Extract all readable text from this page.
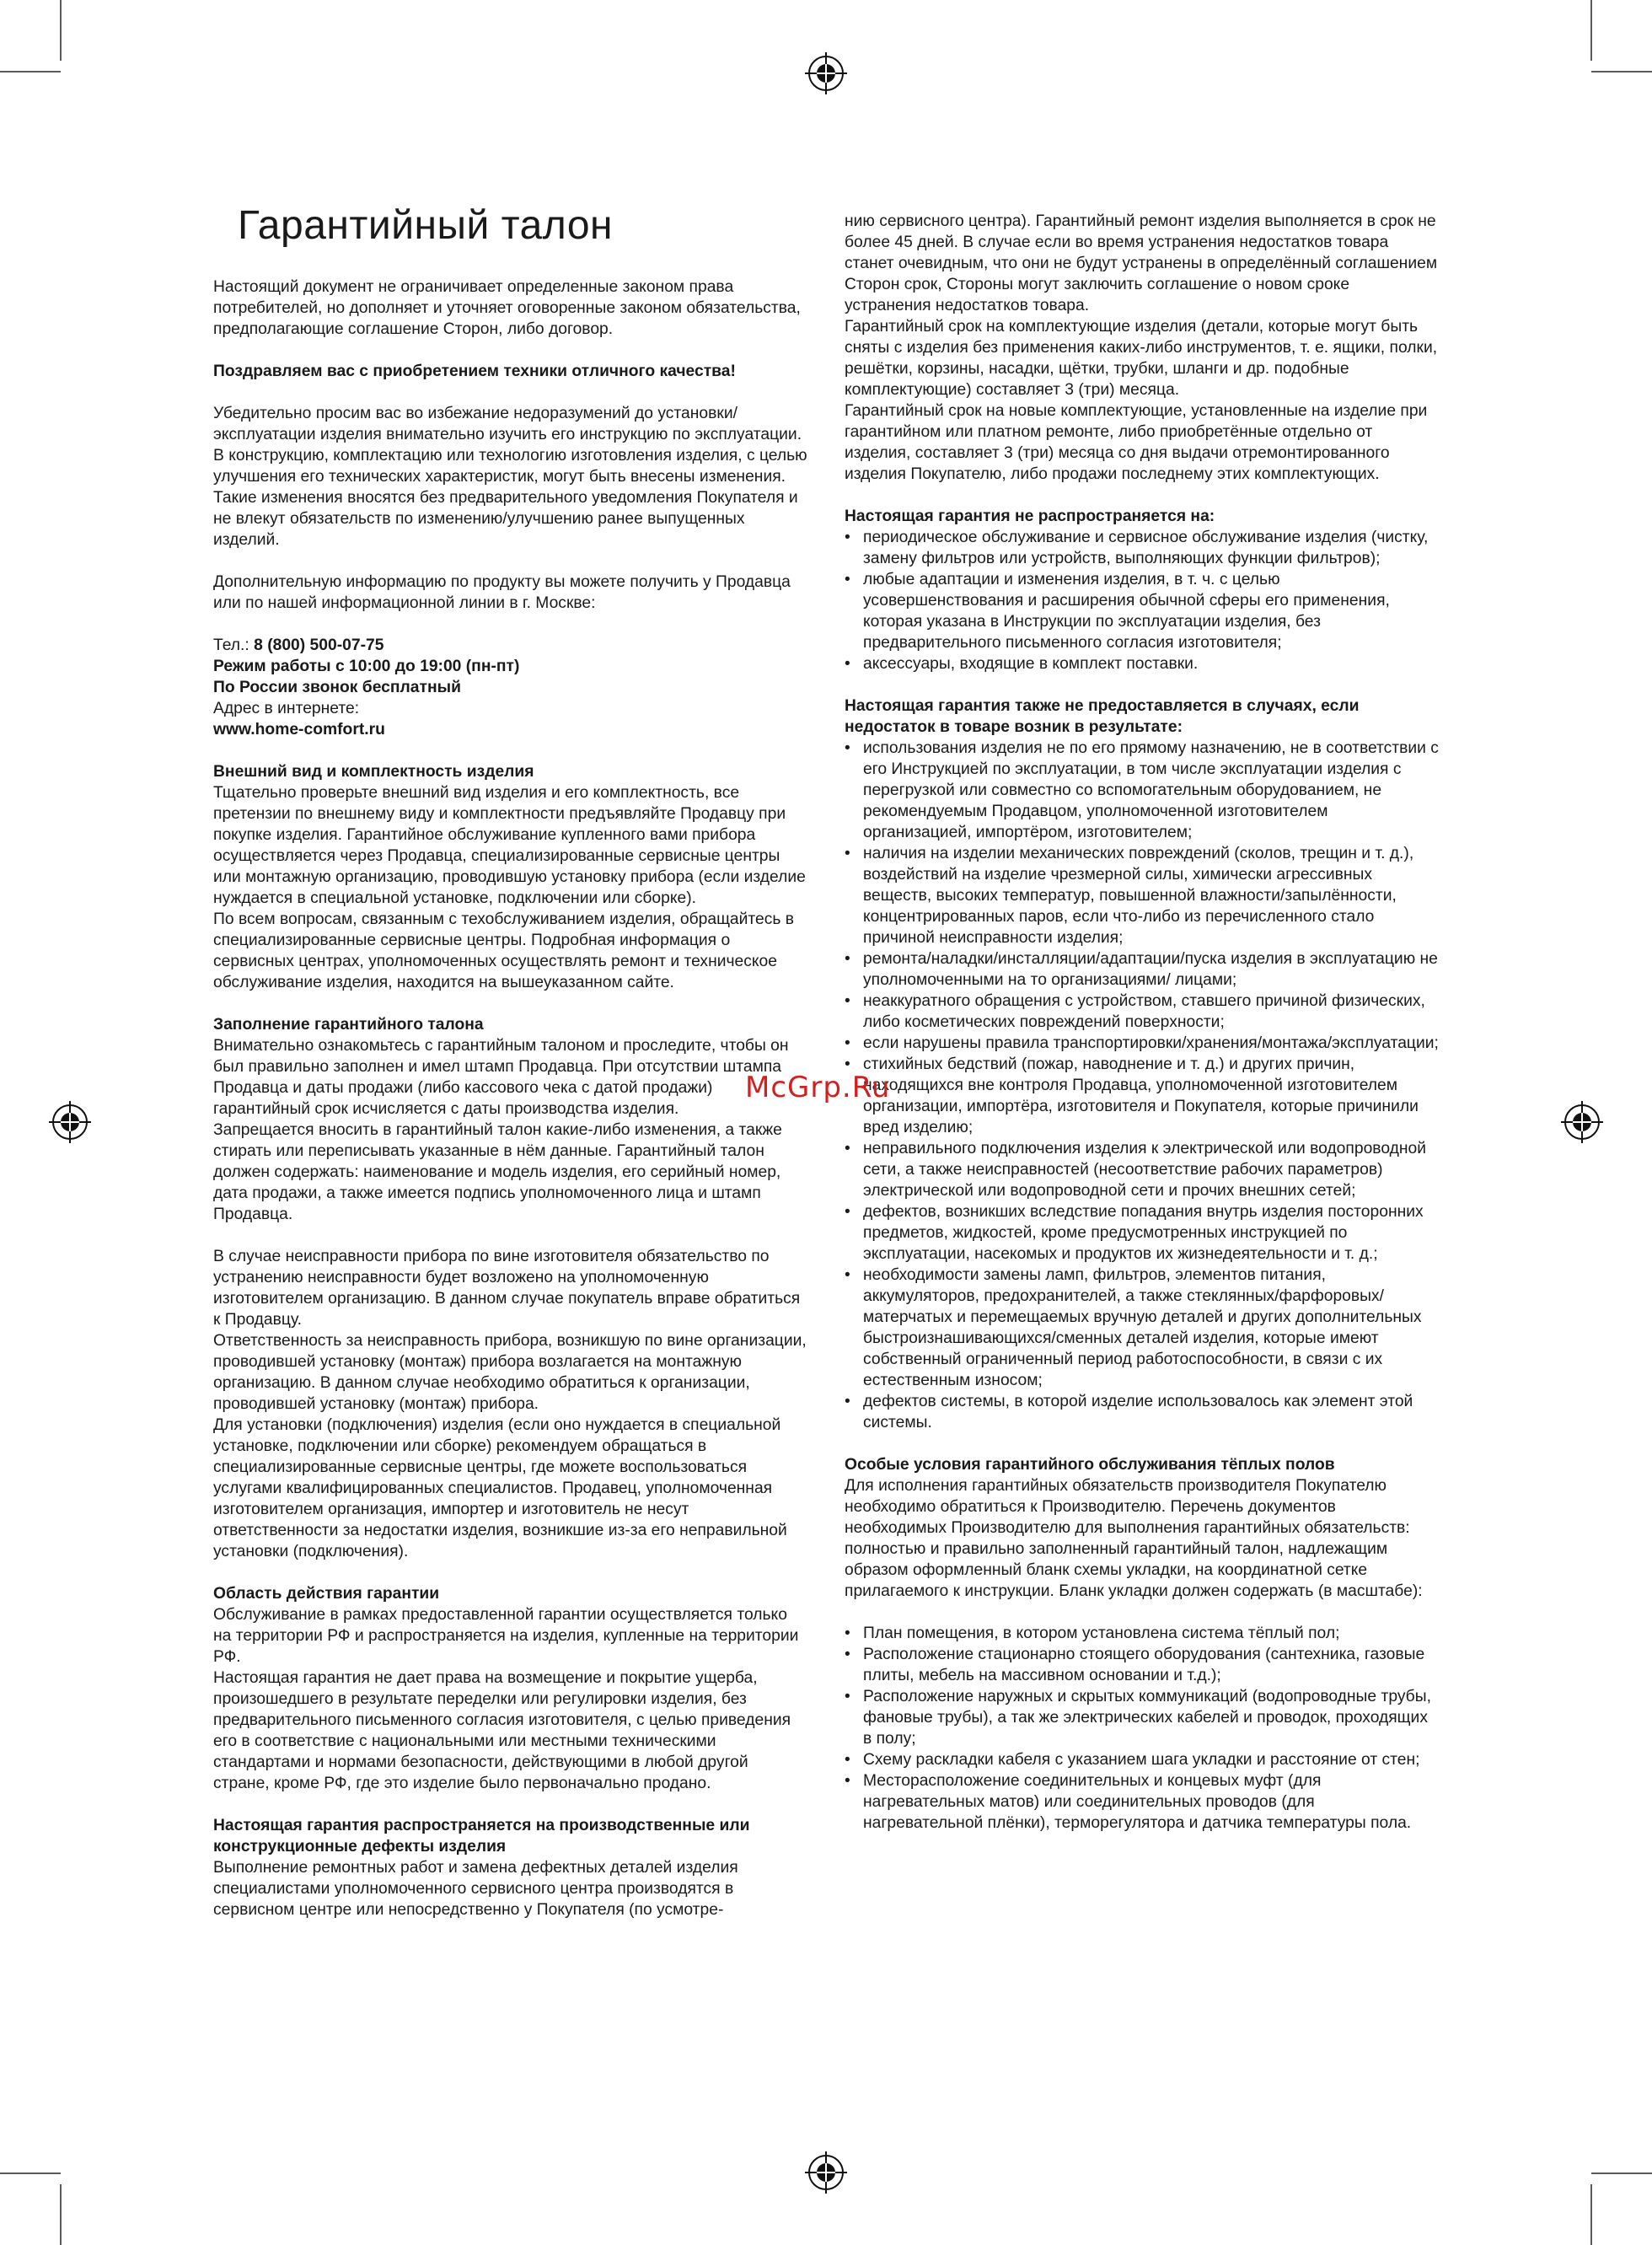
Гарантийный талон

Настоящий документ не ограничивает определенные законом права потребителей, но дополняет и уточняет оговоренные законом обязательства, предполагающие соглашение Сторон, либо договор.

Поздравляем вас с приобретением техники отличного качества!

Убедительно просим вас во избежание недоразумений до установки/эксплуатации изделия внимательно изучить его инструкцию по эксплуатации.

В конструкцию, комплектацию или технологию изготовления изделия, с целью улучшения его технических характеристик, могут быть внесены изменения. Такие изменения вносятся без предварительного уведомления Покупателя и не влекут обязательств по изменению/улучшению ранее выпущенных изделий.

Дополнительную информацию по продукту вы можете получить у Продавца или по нашей информационной линии в г. Москве:

Тел.: 8 (800) 500-07-75

Режим работы с 10:00 до 19:00 (пн-пт)

По России звонок бесплатный

Адрес в интернете:

www.home-comfort.ru

Внешний вид и комплектность изделия

Тщательно проверьте внешний вид изделия и его комплектность, все претензии по внешнему виду и комплектности предъявляйте Продавцу при покупке изделия. Гарантийное обслуживание купленного вами прибора осуществляется через Продавца, специализированные сервисные центры или монтажную организацию, проводившую установку прибора (если изделие нуждается в специальной установке, подключении или сборке).

По всем вопросам, связанным с техобслуживанием изделия, обращайтесь в специализированные сервисные центры. Подробная информация о сервисных центрах, уполномоченных осуществлять ремонт и техническое обслуживание изделия, находится на вышеуказанном сайте.

Заполнение гарантийного талона

Внимательно ознакомьтесь с гарантийным талоном и проследите, чтобы он был правильно заполнен и имел штамп Продавца. При отсутствии штампа Продавца и даты продажи (либо кассового чека с датой продажи) гарантийный срок исчисляется с даты производства изделия.

Запрещается вносить в гарантийный талон какие-либо изменения, а также стирать или переписывать указанные в нём данные. Гарантийный талон должен содержать: наименование и модель изделия, его серийный номер, дата продажи, а также имеется подпись уполномоченного лица и штамп Продавца.

В случае неисправности прибора по вине изготовителя обязательство по устранению неисправности будет возложено на уполномоченную изготовителем организацию. В данном случае покупатель вправе обратиться к Продавцу.

Ответственность за неисправность прибора, возникшую по вине организации, проводившей установку (монтаж) прибора возлагается на монтажную организацию. В данном случае необходимо обратиться к организации, проводившей установку (монтаж) прибора.

Для установки (подключения) изделия (если оно нуждается в специальной установке, подключении или сборке) рекомендуем обращаться в специализированные сервисные центры, где можете воспользоваться услугами квалифицированных специалистов. Продавец, уполномоченная изготовителем организация, импортер и изготовитель не несут ответственности за недостатки изделия, возникшие из-за его неправильной установки (подключения).

Область действия гарантии

Обслуживание в рамках предоставленной гарантии осуществляется только на территории РФ и распространяется на изделия, купленные на территории РФ.

Настоящая гарантия не дает права на возмещение и покрытие ущерба, произошедшего в результате переделки или регулировки изделия, без предварительного письменного согласия изготовителя, с целью приведения его в соответствие с национальными или местными техническими стандартами и нормами безопасности, действующими в любой другой стране, кроме РФ, где это изделие было первоначально продано.

Настоящая гарантия распространяется на производственные или конструкционные дефекты изделия

Выполнение ремонтных работ и замена дефектных деталей изделия специалистами уполномоченного сервисного центра производятся в сервисном центре или непосредственно у Покупателя (по усмотре-

нию сервисного центра). Гарантийный ремонт изделия выполняется в срок не более 45 дней. В случае если во время устранения недостатков товара станет очевидным, что они не будут устранены в определённый соглашением Сторон срок, Стороны могут заключить соглашение о новом сроке устранения недостатков товара.

Гарантийный срок на комплектующие изделия (детали, которые могут быть сняты с изделия без применения каких-либо инструментов, т. е. ящики, полки, решётки, корзины, насадки, щётки, трубки, шланги и др. подобные комплектующие) составляет 3 (три) месяца.

Гарантийный срок на новые комплектующие, установленные на изделие при гарантийном или платном ремонте, либо приобретённые отдельно от изделия, составляет 3 (три) месяца со дня выдачи отремонтированного изделия Покупателю, либо продажи последнему этих комплектующих.

Настоящая гарантия не распространяется на:
• периодическое обслуживание и сервисное обслуживание изделия (чистку, замену фильтров или устройств, выполняющих функции фильтров);
• любые адаптации и изменения изделия, в т. ч. с целью усовершенствования и расширения обычной сферы его применения, которая указана в Инструкции по эксплуатации изделия, без предварительного письменного согласия изготовителя;
• аксессуары, входящие в комплект поставки.
Настоящая гарантия также не предоставляется в случаях, если недостаток в товаре возник в результате:
• использования изделия не по его прямому назначению, не в соответствии с его Инструкцией по эксплуатации, в том числе эксплуатации изделия с перегрузкой или совместно со вспомогательным оборудованием, не рекомендуемым Продавцом, уполномоченной изготовителем организацией, импортёром, изготовителем;
• наличия на изделии механических повреждений (сколов, трещин и т. д.), воздействий на изделие чрезмерной силы, химически агрессивных веществ, высоких температур, повышенной влажности/запылённости, концентрированных паров, если что-либо из перечисленного стало причиной неисправности изделия;
• ремонта/наладки/инсталляции/адаптации/пуска изделия в эксплуатацию не уполномоченными на то организациями/ лицами;
• неаккуратного обращения с устройством, ставшего причиной физических, либо косметических повреждений поверхности;
• если нарушены правила транспортировки/хранения/монтажа/эксплуатации;
• стихийных бедствий (пожар, наводнение и т. д.) и других причин, находящихся вне контроля Продавца, уполномоченной изготовителем организации, импортёра, изготовителя и Покупателя, которые причинили вред изделию;
• неправильного подключения изделия к электрической или водопроводной сети, а также неисправностей (несоответствие рабочих параметров) электрической или водопроводной сети и прочих внешних сетей;
• дефектов, возникших вследствие попадания внутрь изделия посторонних предметов, жидкостей, кроме предусмотренных инструкцией по эксплуатации, насекомых и продуктов их жизнедеятельности и т. д.;
• необходимости замены ламп, фильтров, элементов питания, аккумуляторов, предохранителей, а также стеклянных/фарфоровых/матерчатых и перемещаемых вручную деталей и других дополнительных быстроизнашивающихся/сменных деталей изделия, которые имеют собственный ограниченный период работоспособности, в связи с их естественным износом;
• дефектов системы, в которой изделие использовалось как элемент этой системы.
Особые условия гарантийного обслуживания тёплых полов

Для исполнения гарантийных обязательств производителя Покупателю необходимо обратиться к Производителю. Перечень документов необходимых Производителю для выполнения гарантийных обязательств: полностью и правильно заполненный гарантийный талон, надлежащим образом оформленный бланк схемы укладки, на координатной сетке прилагаемого к инструкции. Бланк укладки должен содержать (в масштабе):

• План помещения, в котором установлена система тёплый пол;
• Расположение стационарно стоящего оборудования (сантехника, газовые плиты, мебель на массивном основании и т.д.);
• Расположение наружных и скрытых коммуникаций (водопроводные трубы, фановые трубы), а так же электрических кабелей и проводок, проходящих в полу;
• Схему раскладки кабеля с указанием шага укладки и расстояние от стен;
• Месторасположение соединительных и концевых муфт (для нагревательных матов) или соединительных проводов (для нагревательной плёнки), терморегулятора и датчика температуры пола.
McGrp.Ru
